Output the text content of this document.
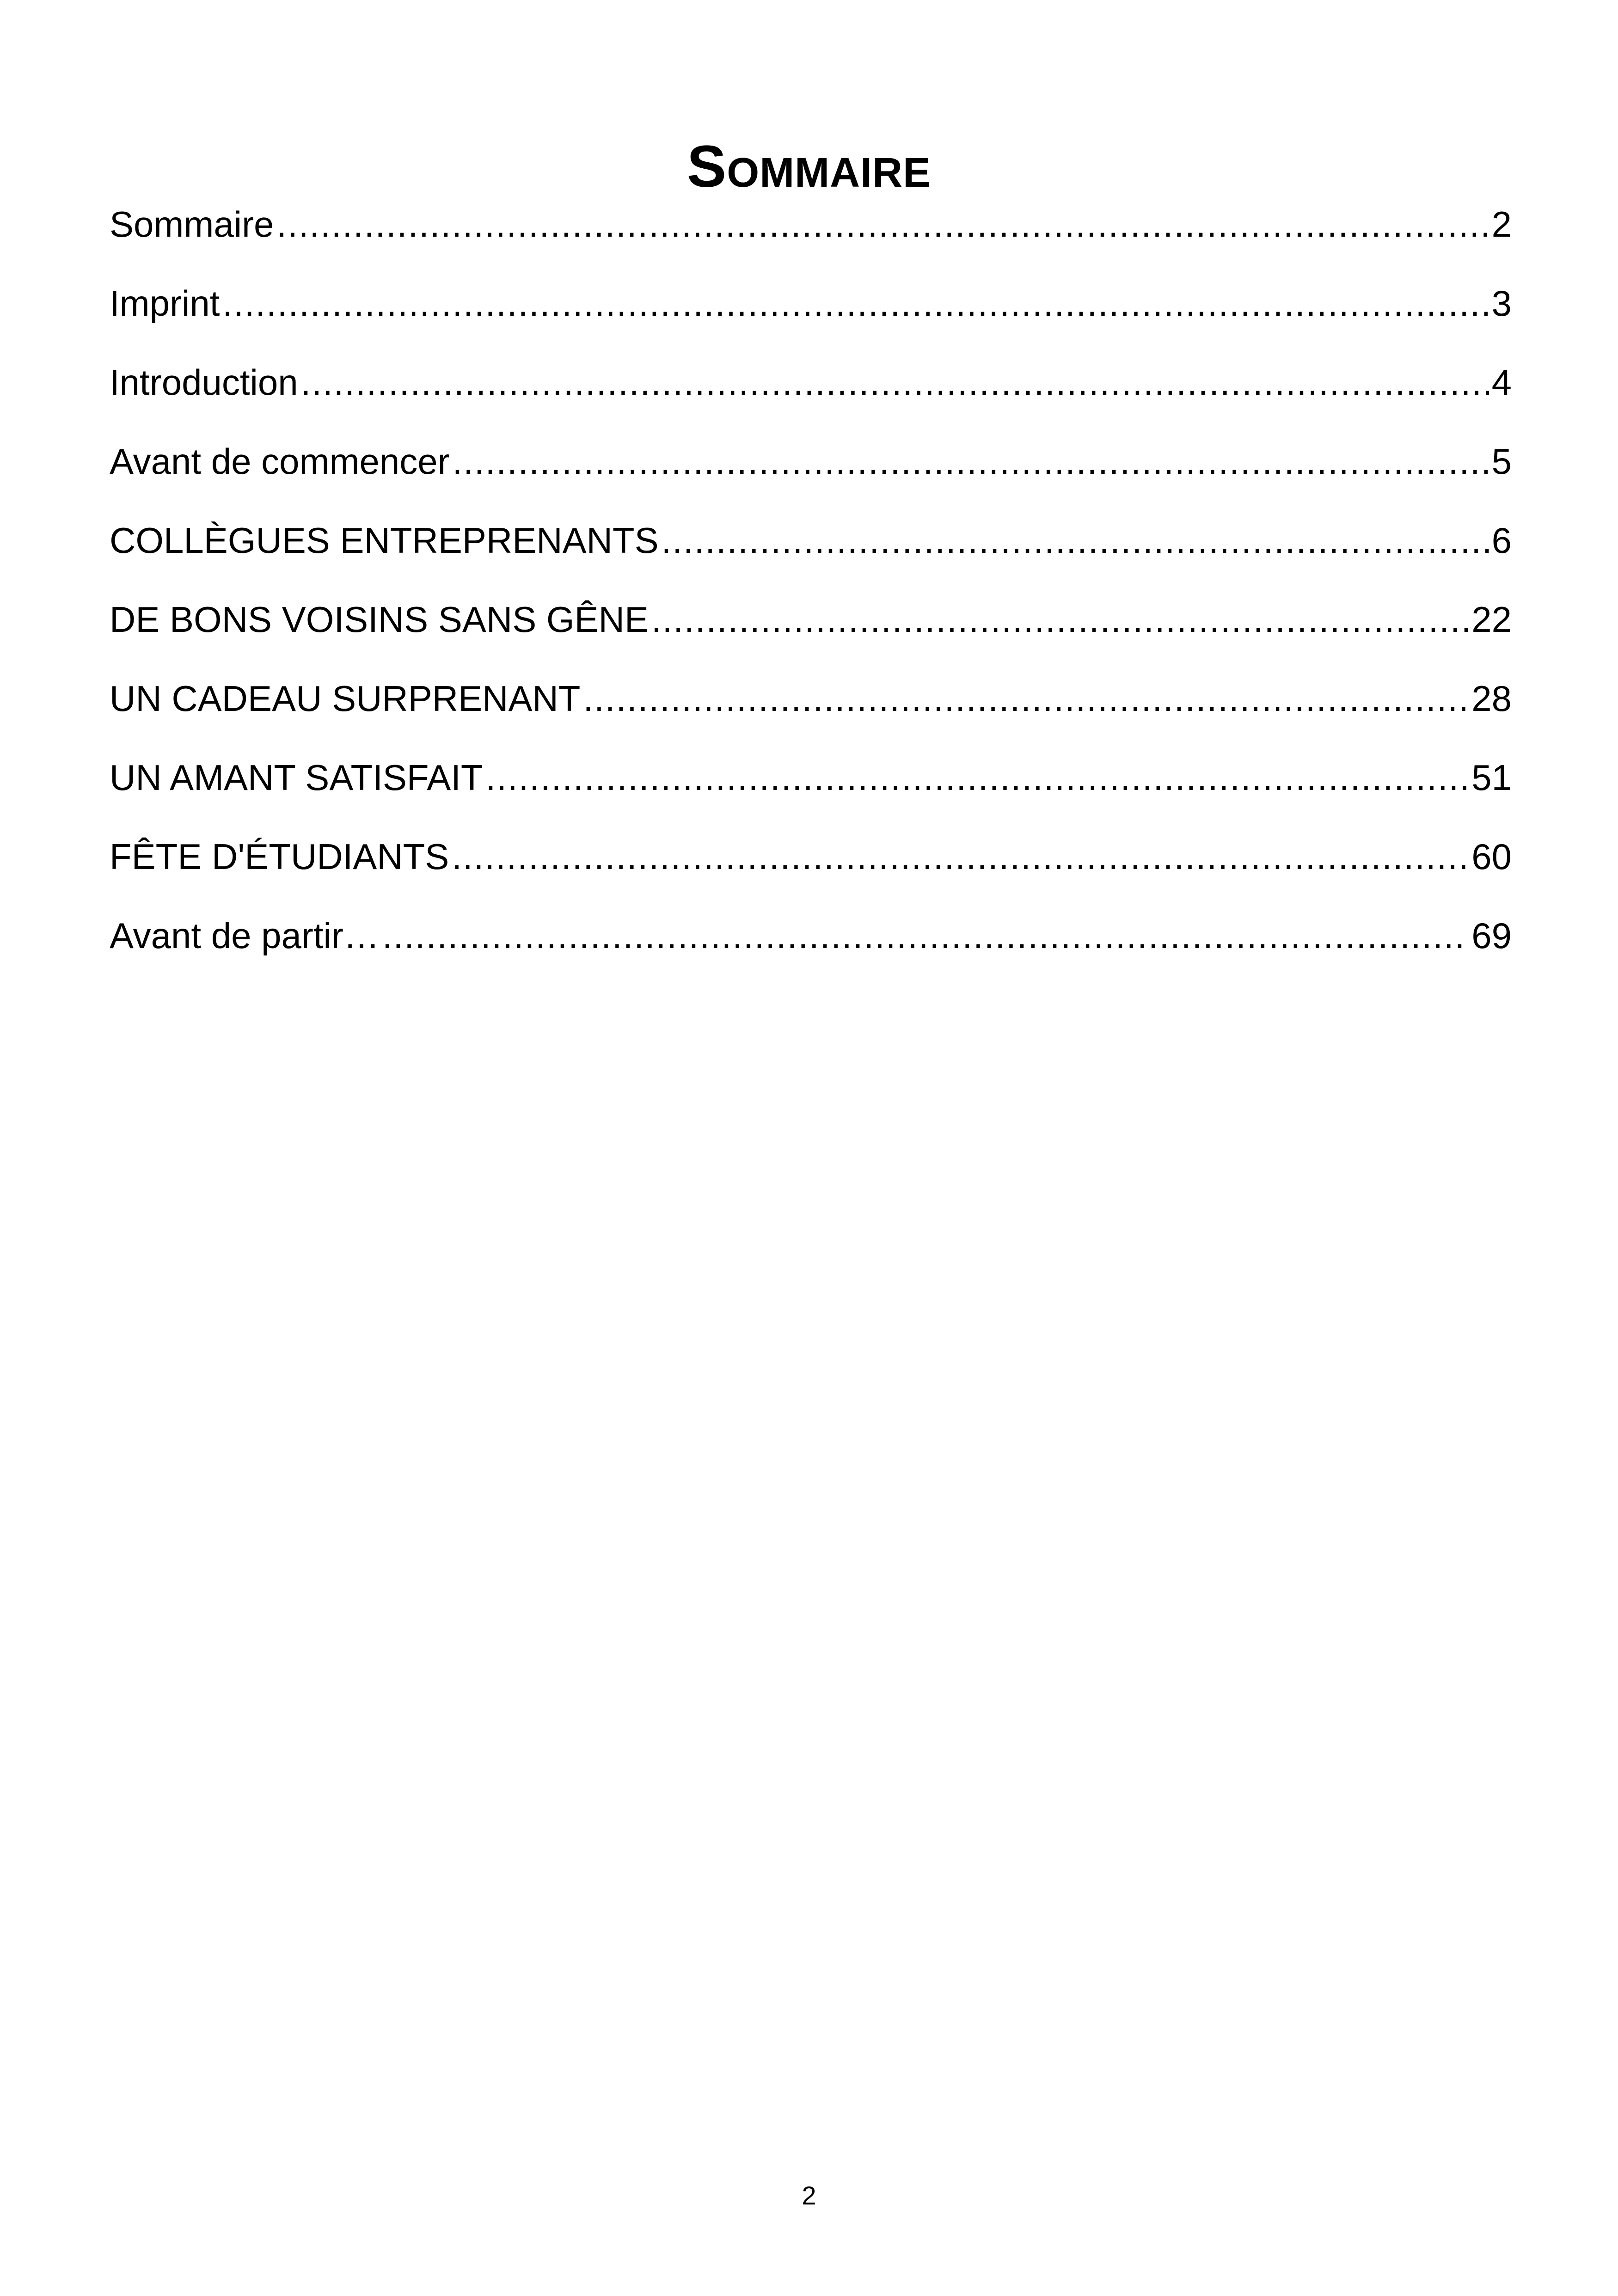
Sommaire
Sommaire .....	2
Imprint .....	3
Introduction .....	4
Avant de commencer .....	5
COLLÈGUES ENTREPRENANTS .....	6
DE BONS VOISINS SANS GÊNE .....	22
UN CADEAU SURPRENANT .....	28
UN AMANT SATISFAIT .....	51
FÊTE D'ÉTUDIANTS .....	60
Avant de partir… .....	69
2
